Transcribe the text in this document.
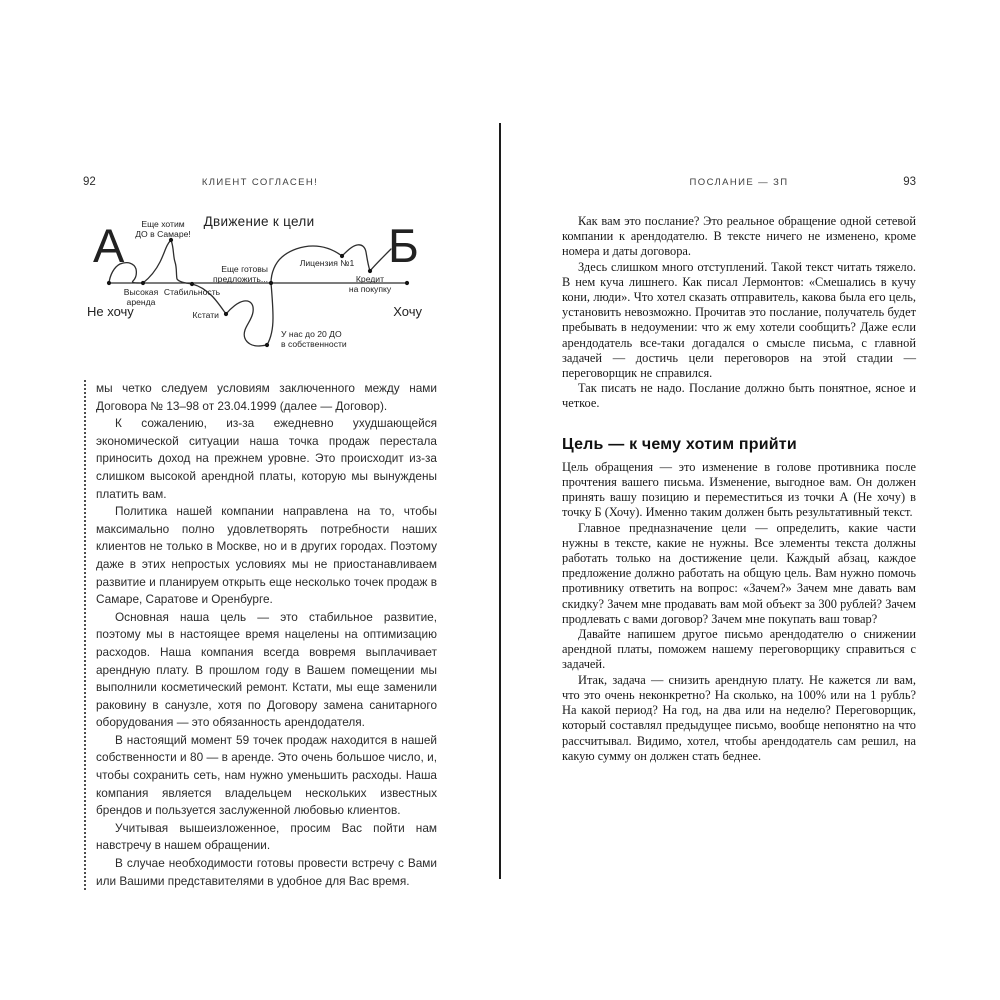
92	КЛИЕНТ СОГЛАСЕН!
Движение к цели
А	Б
Еще хотим
ДО в Самаре!
Еще готовы
предложить...
Лицензия №1
Кредит
на покупку
Высокая
аренда
Стабильность
Кстати
У нас до 20 ДО
в собственности
Не хочу	Хочу

мы четко следуем условиям заключенного между нами Договора № 13–98 от 23.04.1999 (далее — Договор).

К сожалению, из-за ежедневно ухудшающейся экономической ситуации наша точка продаж перестала приносить доход на прежнем уровне. Это происходит из-за слишком высокой арендной платы, которую мы вынуждены платить вам.

Политика нашей компании направлена на то, чтобы максимально полно удовлетворять потребности наших клиентов не только в Москве, но и в других городах. Поэтому даже в этих непростых условиях мы не приостанавливаем развитие и планируем открыть еще несколько точек продаж в Самаре, Саратове и Оренбурге.

Основная наша цель — это стабильное развитие, поэтому мы в настоящее время нацелены на оптимизацию расходов. Наша компания всегда вовремя выплачивает арендную плату. В прошлом году в Вашем помещении мы выполнили косметический ремонт. Кстати, мы еще заменили раковину в санузле, хотя по Договору замена санитарного оборудования — это обязанность арендодателя.

В настоящий момент 59 точек продаж находится в нашей собственности и 80 — в аренде. Это очень большое число, и, чтобы сохранить сеть, нам нужно уменьшить расходы. Наша компания является владельцем нескольких известных брендов и пользуется заслуженной любовью клиентов.

Учитывая вышеизложенное, просим Вас пойти нам навстречу в нашем обращении.

В случае необходимости готовы провести встречу с Вами или Вашими представителями в удобное для Вас время.

ПОСЛАНИЕ — ЗП	93

Как вам это послание? Это реальное обращение одной сетевой компании к арендодателю. В тексте ничего не изменено, кроме номера и даты договора.

Здесь слишком много отступлений. Такой текст читать тяжело. В нем куча лишнего. Как писал Лермонтов: «Смешались в кучу кони, люди». Что хотел сказать отправитель, какова была его цель, установить невозможно. Прочитав это послание, получатель будет пребывать в недоумении: что ж ему хотели сообщить? Даже если арендодатель все-таки догадался о смысле письма, с главной задачей — достичь цели переговоров на этой стадии — переговорщик не справился.

Так писать не надо. Послание должно быть понятное, ясное и четкое.

Цель — к чему хотим прийти

Цель обращения — это изменение в голове противника после прочтения вашего письма. Изменение, выгодное вам. Он должен принять вашу позицию и переместиться из точки А (Не хочу) в точку Б (Хочу). Именно таким должен быть результативный текст.

Главное предназначение цели — определить, какие части нужны в тексте, какие не нужны. Все элементы текста должны работать только на достижение цели. Каждый абзац, каждое предложение должно работать на общую цель. Вам нужно помочь противнику ответить на вопрос: «Зачем?» Зачем мне давать вам скидку? Зачем мне продавать вам мой объект за 300 рублей? Зачем продлевать с вами договор? Зачем мне покупать ваш товар?

Давайте напишем другое письмо арендодателю о снижении арендной платы, поможем нашему переговорщику справиться с задачей.

Итак, задача — снизить арендную плату. Не кажется ли вам, что это очень неконкретно? На сколько, на 100% или на 1 рубль? На какой период? На год, на два или на неделю? Переговорщик, который составлял предыдущее письмо, вообще непонятно на что рассчитывал. Видимо, хотел, чтобы арендодатель сам решил, на какую сумму он должен стать беднее.
